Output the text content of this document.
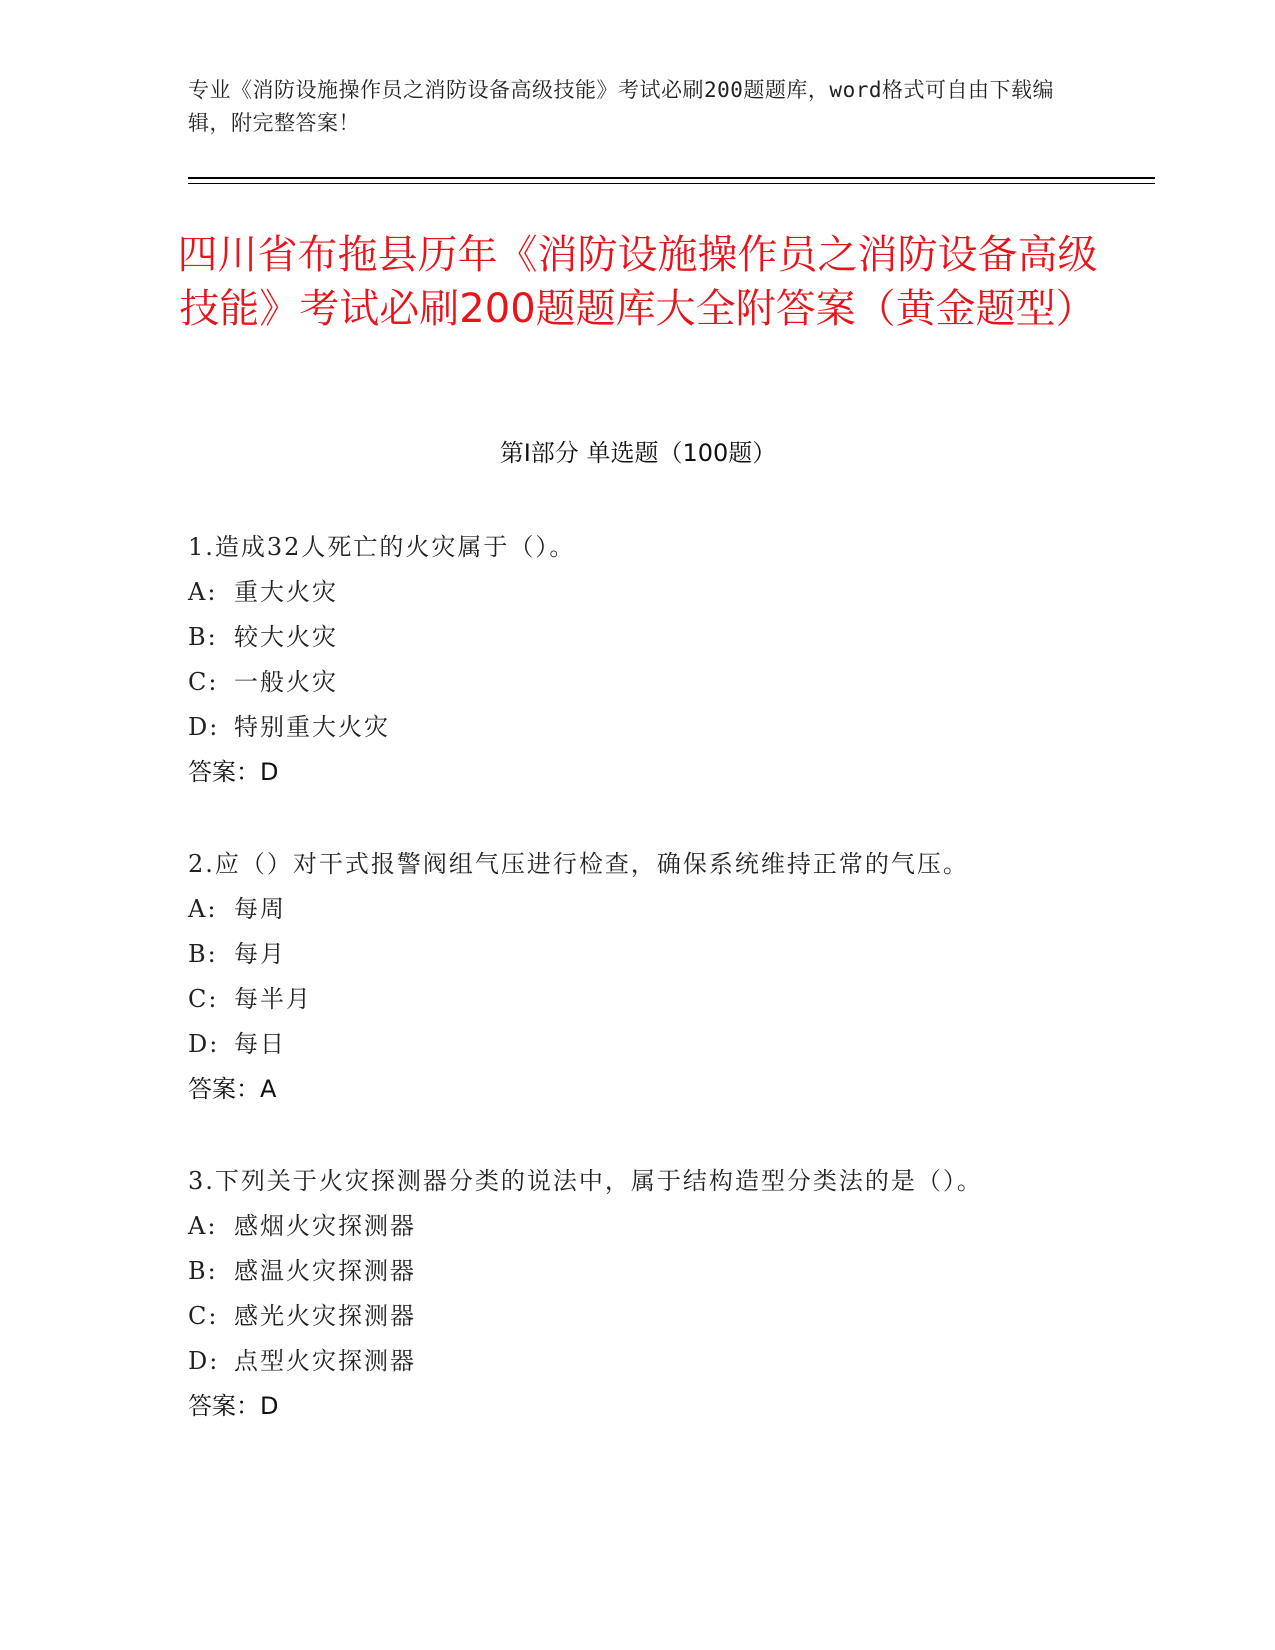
专业《消防设施操作员之消防设备高级技能》考试必刷200题题库，word格式可自由下载编辑，附完整答案！
四川省布拖县历年《消防设施操作员之消防设备高级技能》考试必刷200题题库大全附答案（黄金题型）
第Ⅰ部分 单选题（100题）
1.造成32人死亡的火灾属于（）。
A: 重大火灾
B: 较大火灾
C: 一般火灾
D: 特别重大火灾
答案：D
2.应（）对干式报警阀组气压进行检查，确保系统维持正常的气压。
A: 每周
B: 每月
C: 每半月
D: 每日
答案：A
3.下列关于火灾探测器分类的说法中，属于结构造型分类法的是（）。
A: 感烟火灾探测器
B: 感温火灾探测器
C: 感光火灾探测器
D: 点型火灾探测器
答案：D
